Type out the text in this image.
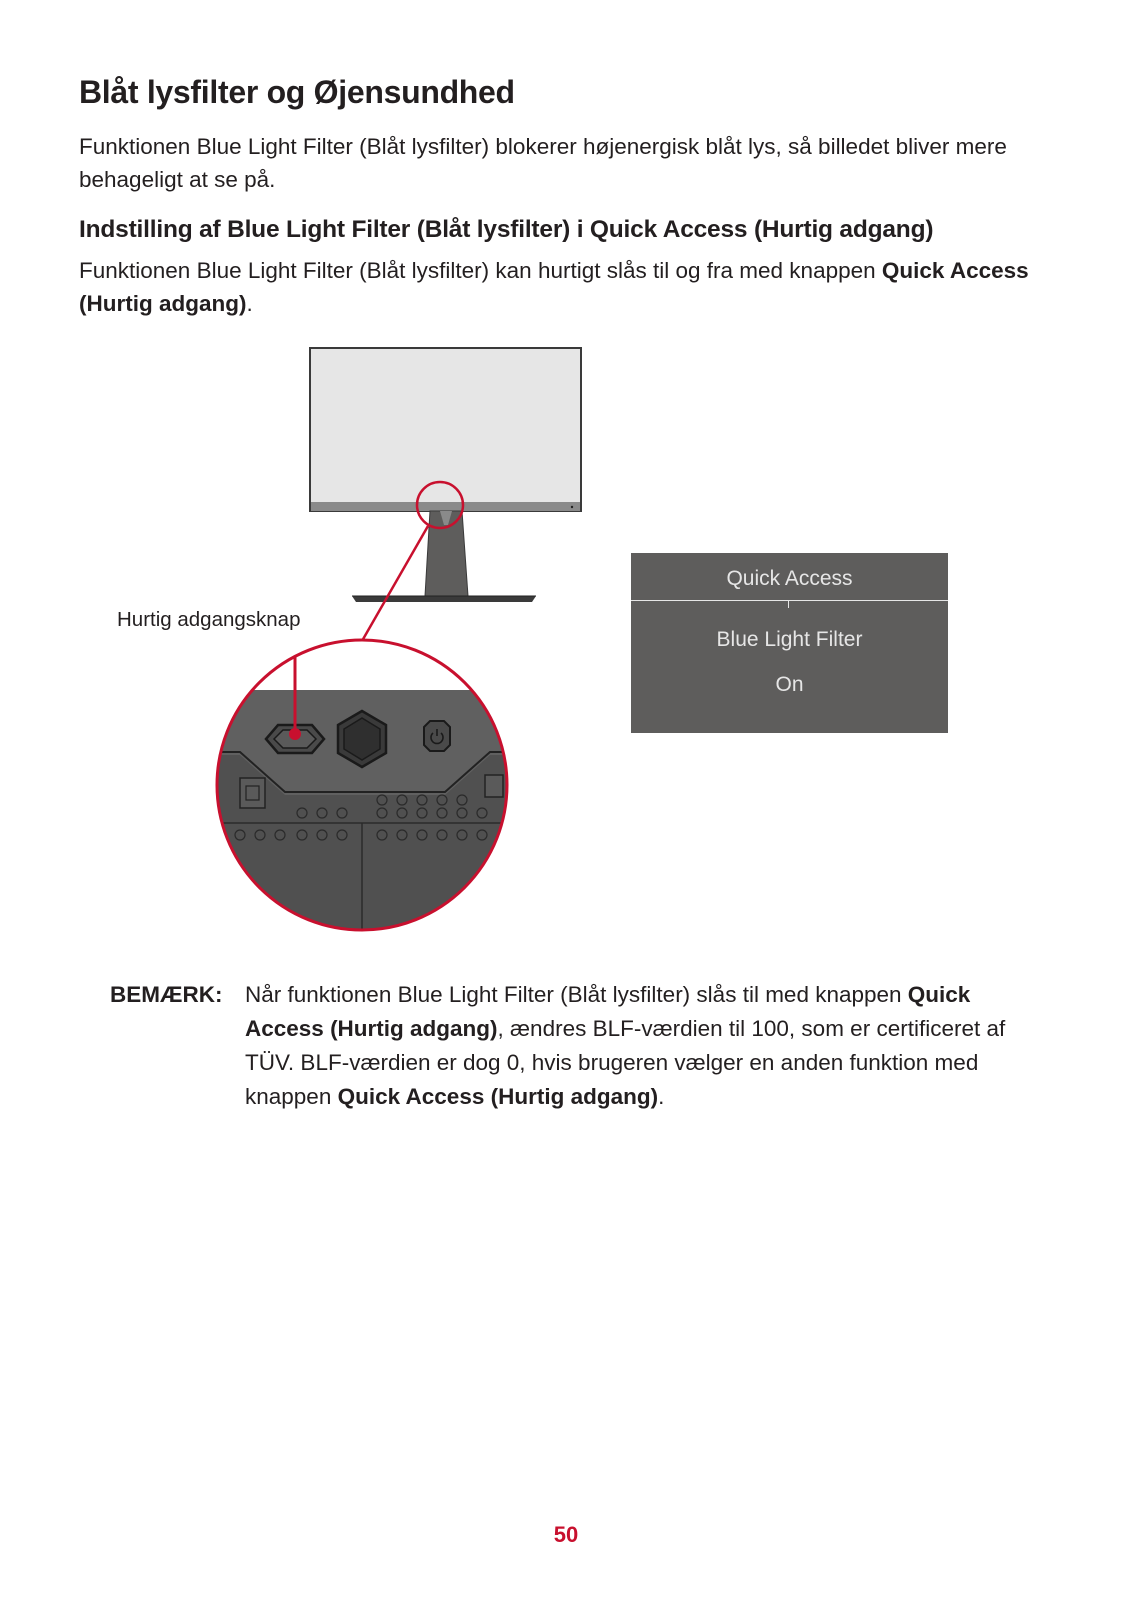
Blåt lysfilter og Øjensundhed

Funktionen Blue Light Filter (Blåt lysfilter) blokerer højenergisk blåt lys, så billedet bliver mere behageligt at se på.

Indstilling af Blue Light Filter (Blåt lysfilter) i Quick Access (Hurtig adgang)

Funktionen Blue Light Filter (Blåt lysfilter) kan hurtigt slås til og fra med knappen Quick Access (Hurtig adgang).

Hurtig adgangsknap
Quick Access
Blue Light Filter
On

BEMÆRK: Når funktionen Blue Light Filter (Blåt lysfilter) slås til med knappen Quick Access (Hurtig adgang), ændres BLF-værdien til 100, som er certificeret af TÜV. BLF-værdien er dog 0, hvis brugeren vælger en anden funktion med knappen Quick Access (Hurtig adgang).

50
